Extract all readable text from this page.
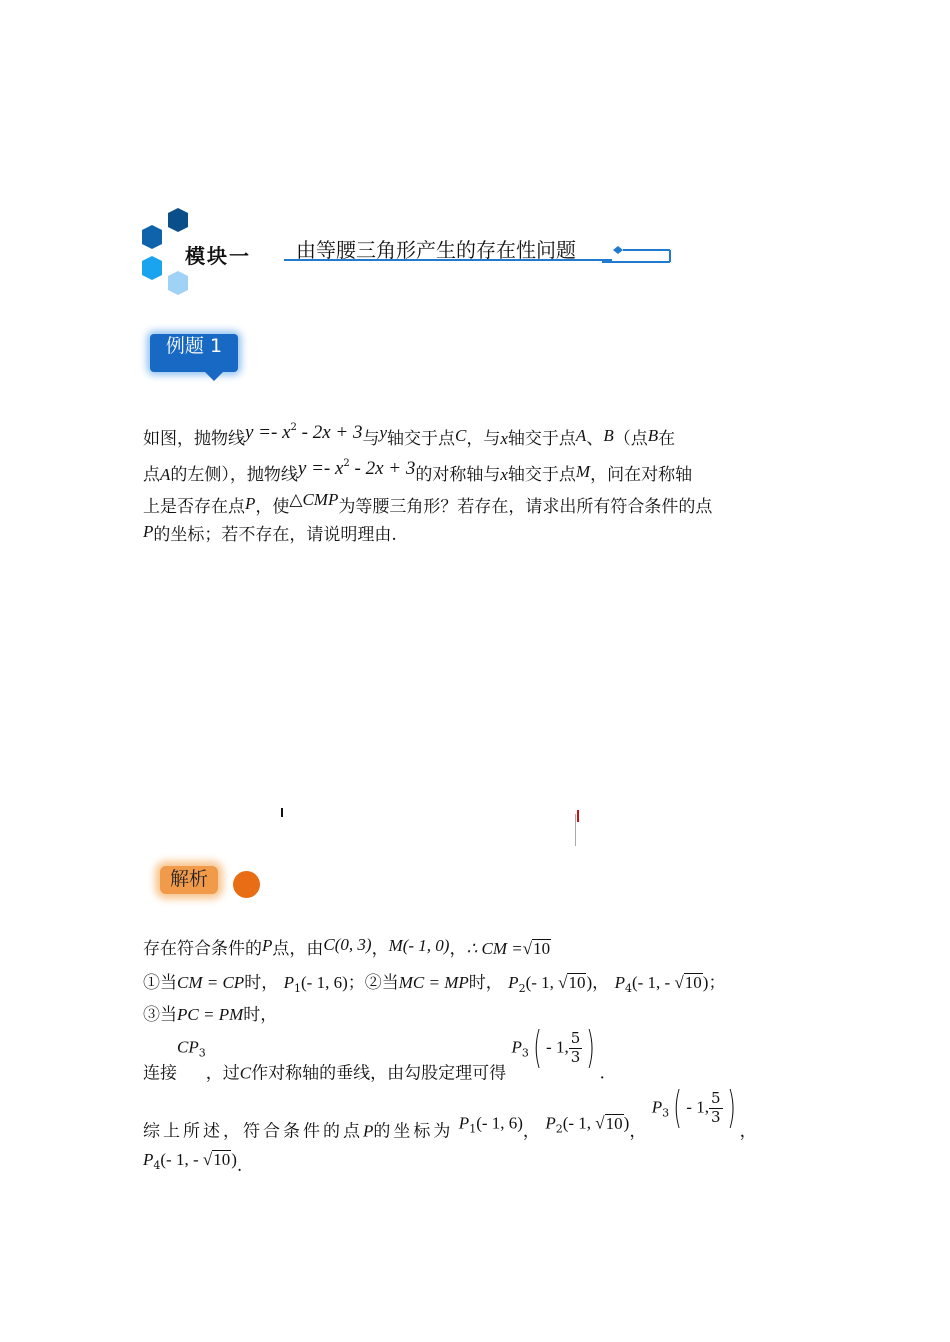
模块一 由等腰三角形产生的存在性问题
例题 1
如图，抛物线$y =- x^2 - 2x + 3$与y轴交于点C，与x轴交于点A、B（点B在
点A的左侧），抛物线$y =- x^2 - 2x + 3$的对称轴与x轴交于点M，问在对称轴
上是否存在点P，使△CMP为等腰三角形？若存在，请求出所有符合条件的点
P的坐标；若不存在，请说明理由.
解析
存在符合条件的P点，由C(0, 3)，M(- 1, 0)，∴ CM =√10
①当CM = CP时， $P_1(-$ 1, 6)；②当MC = MP时， $P_2(-$ 1, √10)， $P_4(-$ 1, - √10)；
③当PC = PM时，
连接$CP_3$，过C作对称轴的垂线，由勾股定理可得 $P_3( - 1$, $\frac{5}{3}$ ).
综上所述，符合条件的点P的坐标为 $P_1(-$ 1, 6)， $P_2(-$ 1, √10)， $P_3( - 1$, $\frac{5}{3}$ ) ，
$P_4(-$ 1, - √10).
